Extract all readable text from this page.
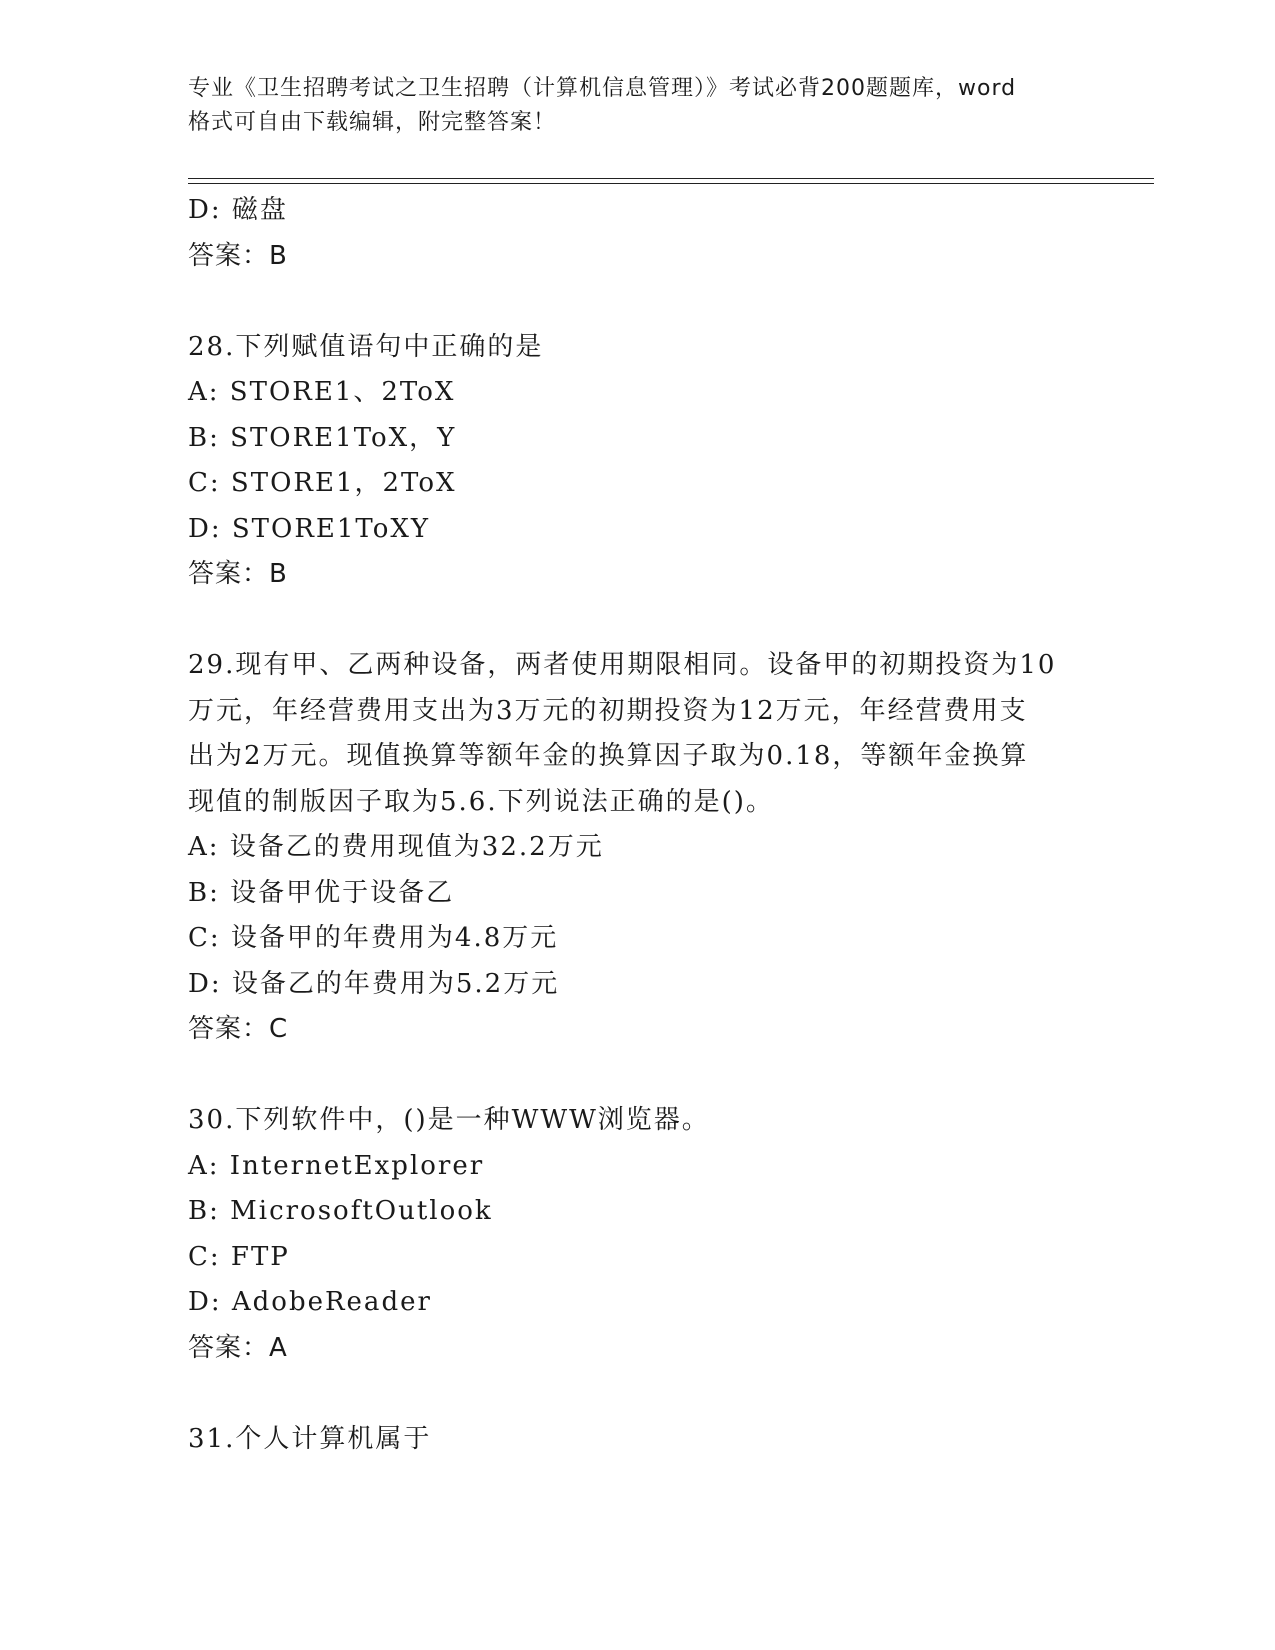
专业《卫生招聘考试之卫生招聘（计算机信息管理）》考试必背200题题库，word
格式可自由下载编辑，附完整答案！
D: 磁盘
答案：B
28.下列赋值语句中正确的是
A: STORE1、2ToX
B: STORE1ToX，Y
C: STORE1，2ToX
D: STORE1ToXY
答案：B
29.现有甲、乙两种设备，两者使用期限相同。设备甲的初期投资为10
万元，年经营费用支出为3万元的初期投资为12万元，年经营费用支
出为2万元。现值换算等额年金的换算因子取为0.18，等额年金换算
现值的制版因子取为5.6.下列说法正确的是()。
A: 设备乙的费用现值为32.2万元
B: 设备甲优于设备乙
C: 设备甲的年费用为4.8万元
D: 设备乙的年费用为5.2万元
答案：C
30.下列软件中，()是一种WWW浏览器。
A: InternetExplorer
B: MicrosoftOutlook
C: FTP
D: AdobeReader
答案：A
31.个人计算机属于
